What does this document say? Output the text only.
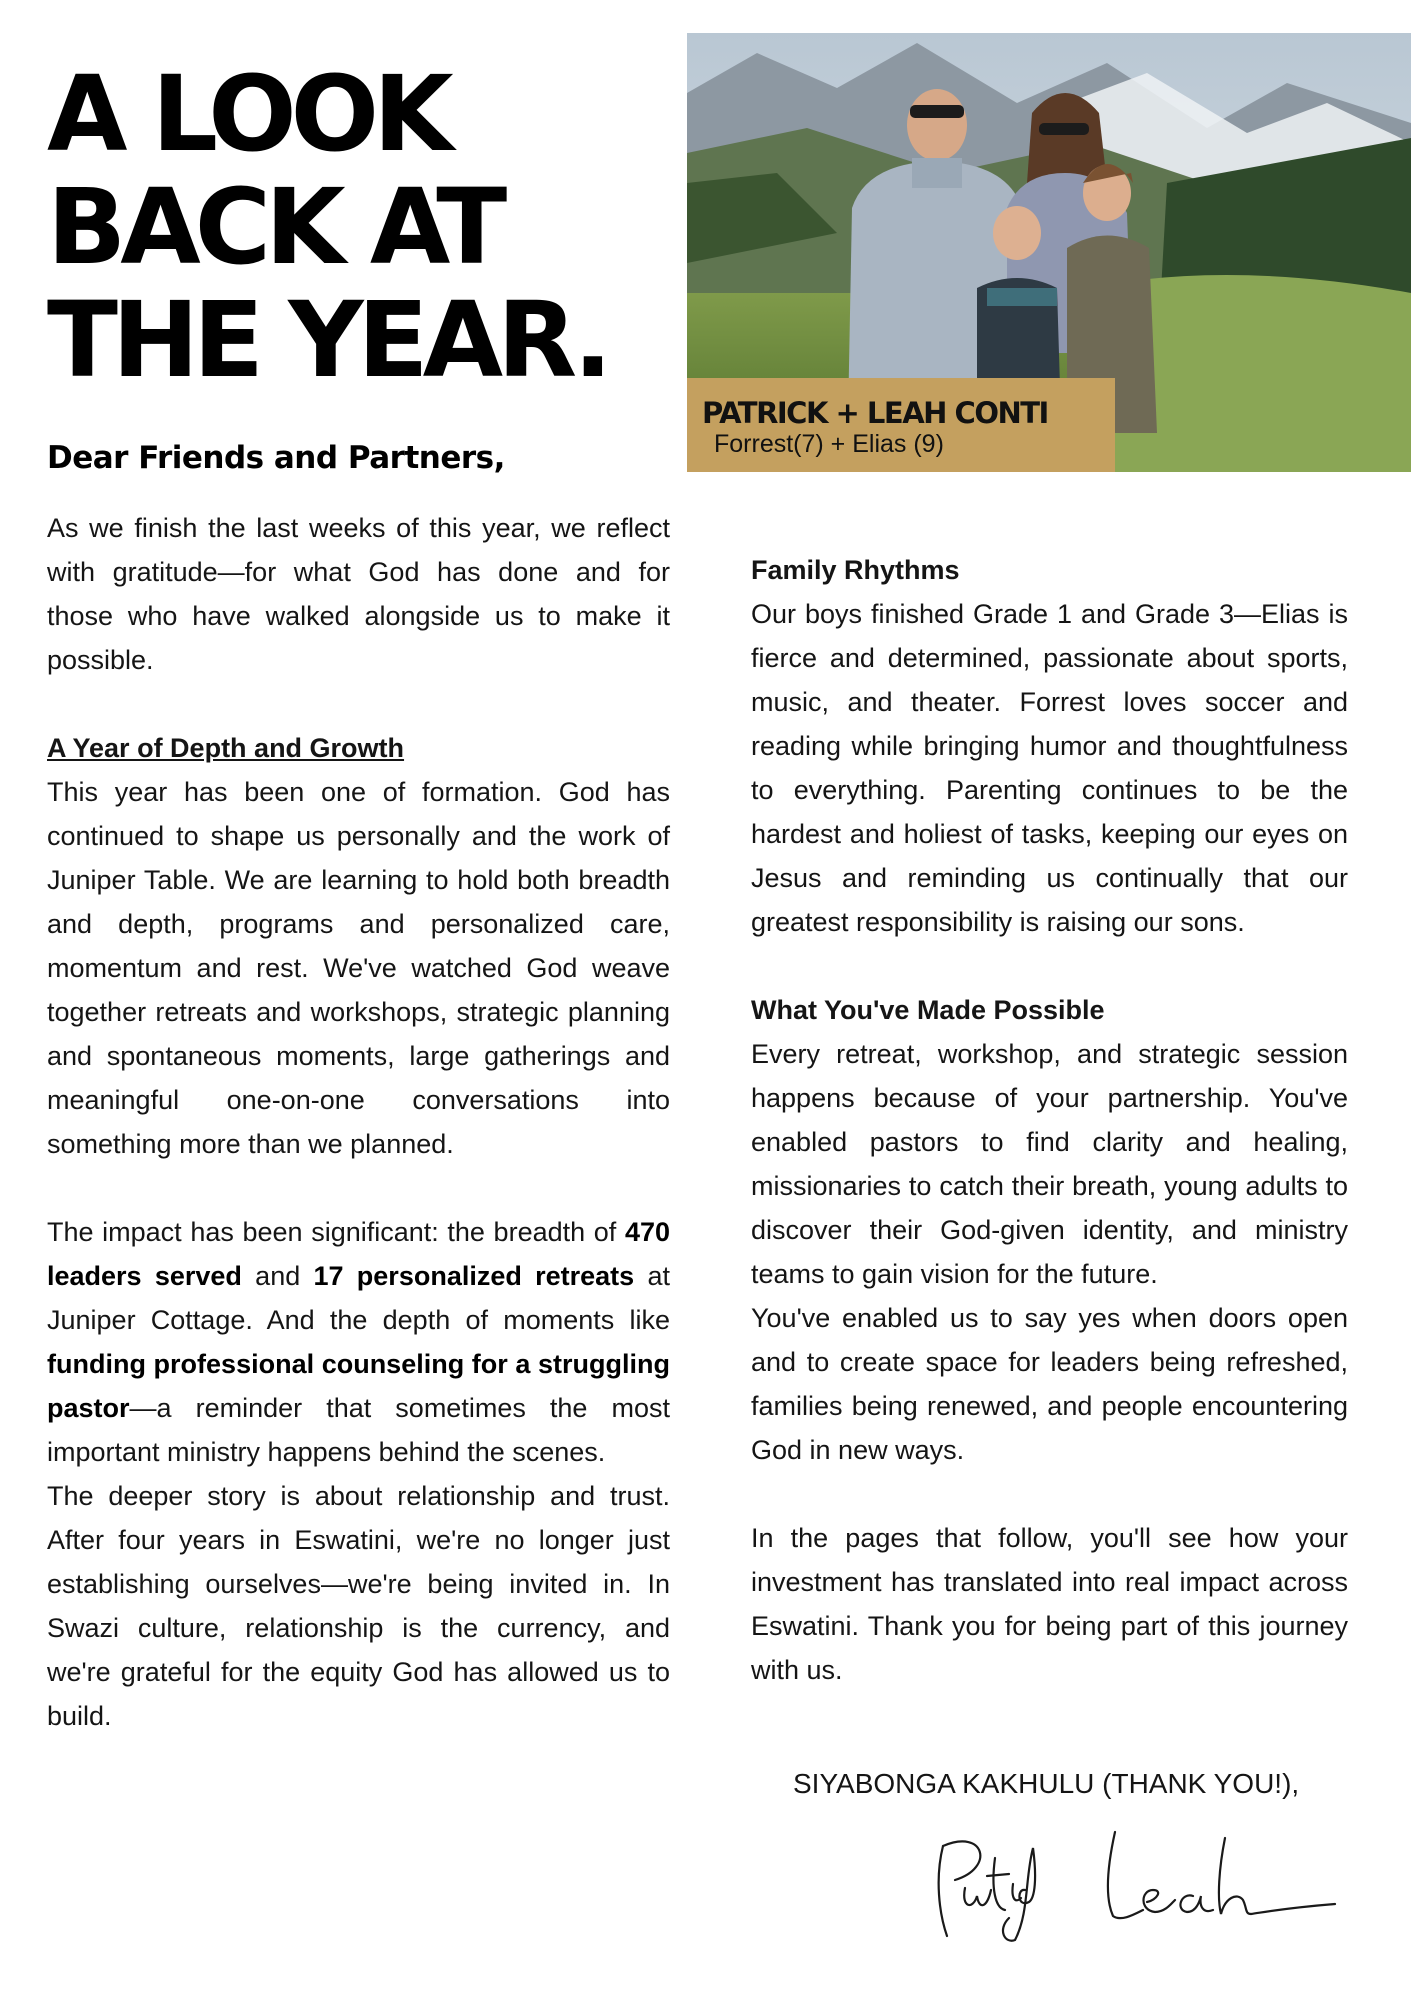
A LOOK
BACK AT
THE YEAR.
PATRICK + LEAH CONTI
Forrest(7) + Elias (9)
Dear Friends and Partners,

As we finish the last weeks of this year, we reflect with gratitude—for what God has done and for those who have walked alongside us to make it possible.

A Year of Depth and Growth

This year has been one of formation. God has continued to shape us personally and the work of Juniper Table. We are learning to hold both breadth and depth, programs and personalized care, momentum and rest. We've watched God weave together retreats and workshops, strategic planning and spontaneous moments, large gatherings and meaningful one-on-one conversations into something more than we planned.

The impact has been significant: the breadth of 470 leaders served and 17 personalized retreats at Juniper Cottage. And the depth of moments like funding professional counseling for a struggling pastor—a reminder that sometimes the most important ministry happens behind the scenes.

The deeper story is about relationship and trust. After four years in Eswatini, we're no longer just establishing ourselves—we're being invited in. In Swazi culture, relationship is the currency, and we're grateful for the equity God has allowed us to build.

Family Rhythms

Our boys finished Grade 1 and Grade 3—Elias is fierce and determined, passionate about sports, music, and theater. Forrest loves soccer and reading while bringing humor and thoughtfulness to everything. Parenting continues to be the hardest and holiest of tasks, keeping our eyes on Jesus and reminding us continually that our greatest responsibility is raising our sons.

What You've Made Possible

Every retreat, workshop, and strategic session happens because of your partnership. You've enabled pastors to find clarity and healing, missionaries to catch their breath, young adults to discover their God-given identity, and ministry teams to gain vision for the future.

You've enabled us to say yes when doors open and to create space for leaders being refreshed, families being renewed, and people encountering God in new ways.

In the pages that follow, you'll see how your investment has translated into real impact across Eswatini. Thank you for being part of this journey with us.

SIYABONGA KAKHULU (THANK YOU!),
